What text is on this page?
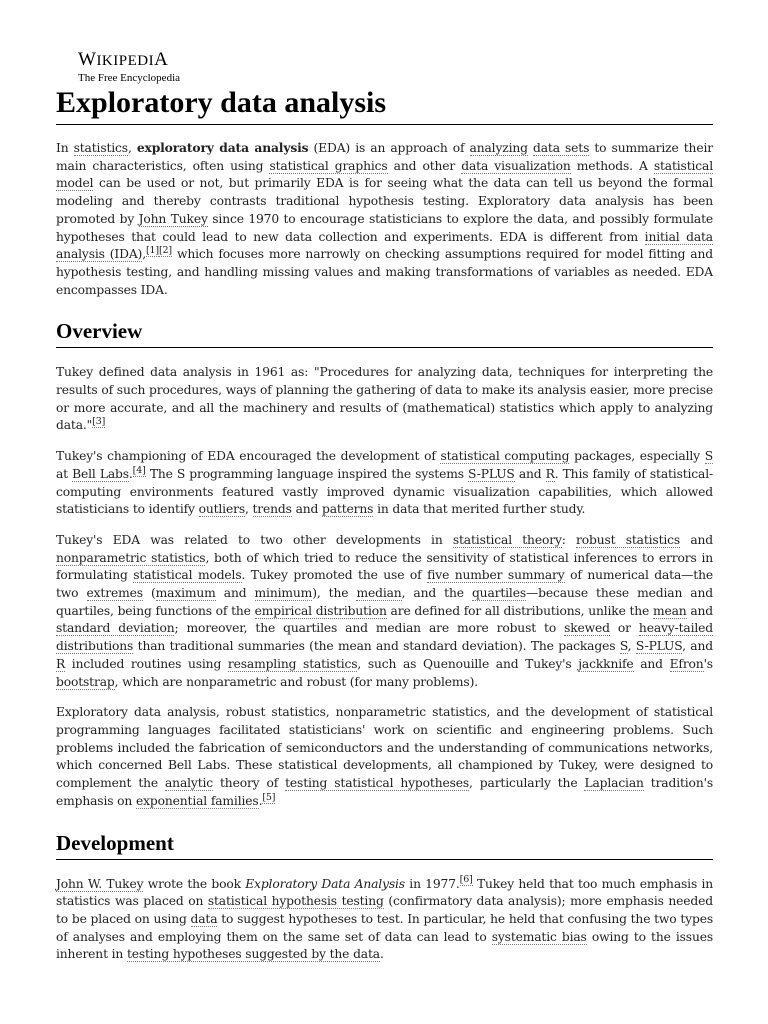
WIKIPEDIA
The Free Encyclopedia
Exploratory data analysis

In statistics, exploratory data analysis (EDA) is an approach of analyzing data sets to summarize their main characteristics, often using statistical graphics and other data visualization methods. A statistical model can be used or not, but primarily EDA is for seeing what the data can tell us beyond the formal modeling and thereby contrasts traditional hypothesis testing. Exploratory data analysis has been promoted by John Tukey since 1970 to encourage statisticians to explore the data, and possibly formulate hypotheses that could lead to new data collection and experiments. EDA is different from initial data analysis (IDA),[1][2] which focuses more narrowly on checking assumptions required for model fitting and hypothesis testing, and handling missing values and making transformations of variables as needed. EDA encompasses IDA.

Overview

Tukey defined data analysis in 1961 as: "Procedures for analyzing data, techniques for interpreting the results of such procedures, ways of planning the gathering of data to make its analysis easier, more precise or more accurate, and all the machinery and results of (mathematical) statistics which apply to analyzing data."[3]

Tukey's championing of EDA encouraged the development of statistical computing packages, especially S at Bell Labs.[4] The S programming language inspired the systems S-PLUS and R. This family of statistical-computing environments featured vastly improved dynamic visualization capabilities, which allowed statisticians to identify outliers, trends and patterns in data that merited further study.

Tukey's EDA was related to two other developments in statistical theory: robust statistics and nonparametric statistics, both of which tried to reduce the sensitivity of statistical inferences to errors in formulating statistical models. Tukey promoted the use of five number summary of numerical data—the two extremes (maximum and minimum), the median, and the quartiles—because these median and quartiles, being functions of the empirical distribution are defined for all distributions, unlike the mean and standard deviation; moreover, the quartiles and median are more robust to skewed or heavy-tailed distributions than traditional summaries (the mean and standard deviation). The packages S, S-PLUS, and R included routines using resampling statistics, such as Quenouille and Tukey's jackknife and Efron's bootstrap, which are nonparametric and robust (for many problems).

Exploratory data analysis, robust statistics, nonparametric statistics, and the development of statistical programming languages facilitated statisticians' work on scientific and engineering problems. Such problems included the fabrication of semiconductors and the understanding of communications networks, which concerned Bell Labs. These statistical developments, all championed by Tukey, were designed to complement the analytic theory of testing statistical hypotheses, particularly the Laplacian tradition's emphasis on exponential families.[5]

Development

John W. Tukey wrote the book Exploratory Data Analysis in 1977.[6] Tukey held that too much emphasis in statistics was placed on statistical hypothesis testing (confirmatory data analysis); more emphasis needed to be placed on using data to suggest hypotheses to test. In particular, he held that confusing the two types of analyses and employing them on the same set of data can lead to systematic bias owing to the issues inherent in testing hypotheses suggested by the data.
